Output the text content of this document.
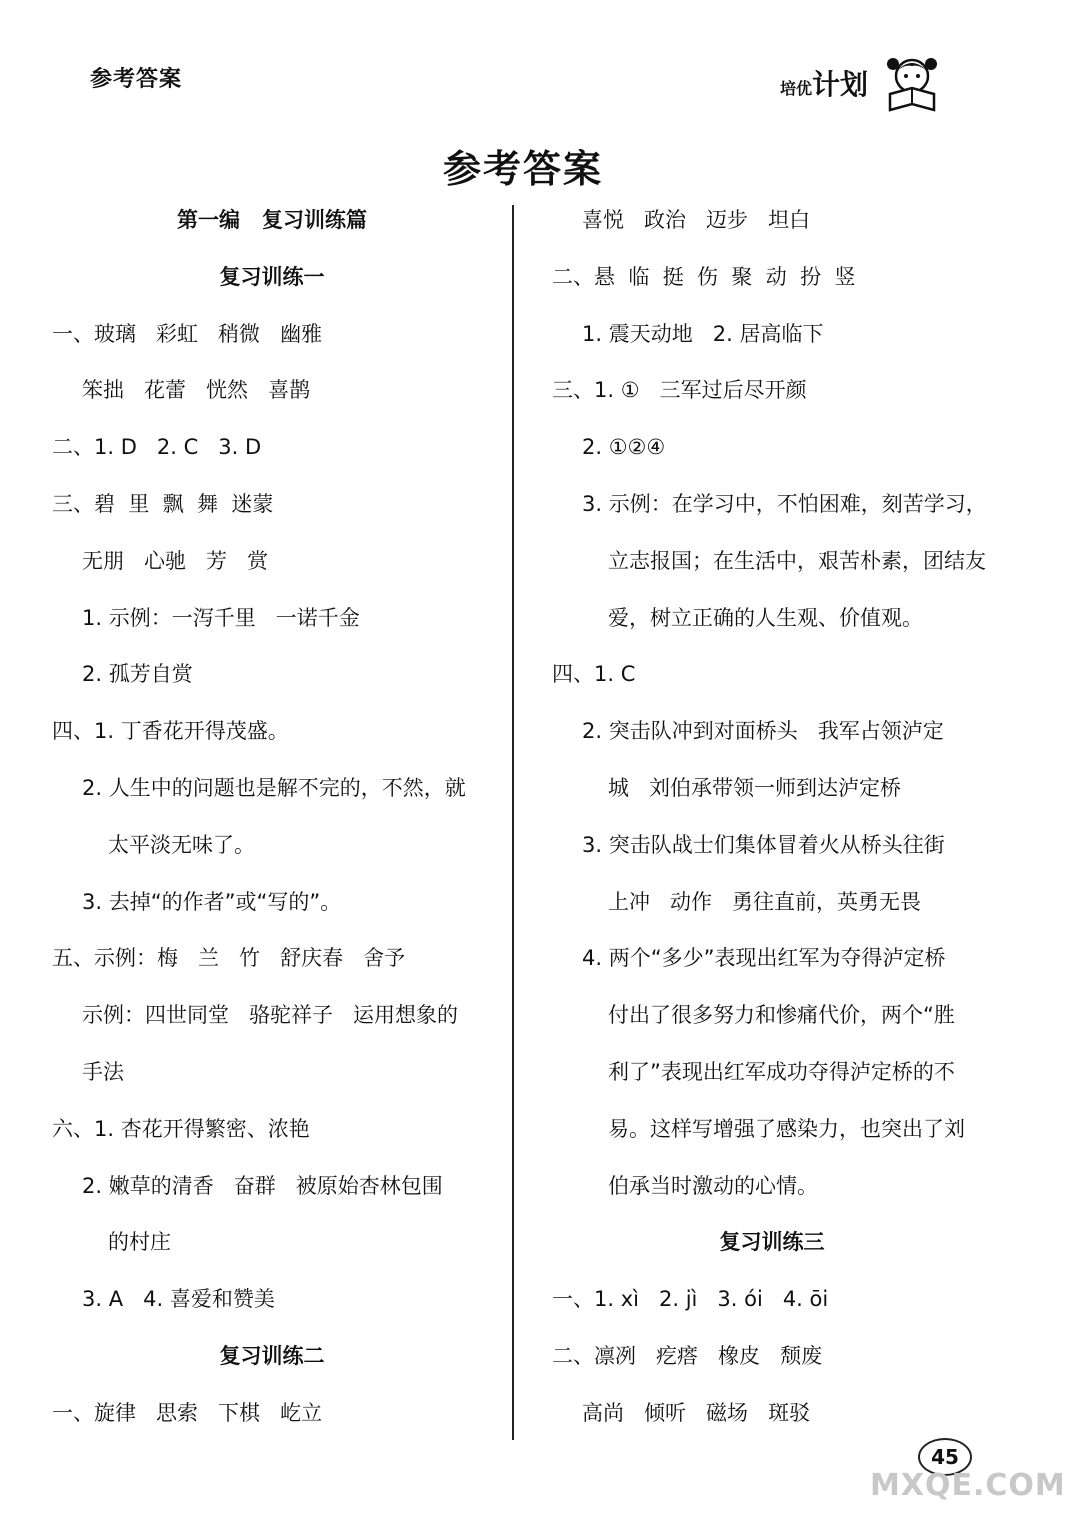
参考答案	培优计划
参考答案
第一编   复习训练篇
复习训练一
一、玻璃   彩虹   稍微   幽雅
笨拙   花蕾   恍然   喜鹊
二、1. D   2. C   3. D
三、碧  里  飘  舞  迷蒙
无朋   心驰   芳   赏
1. 示例：一泻千里   一诺千金
2. 孤芳自赏
四、1. 丁香花开得茂盛。
2. 人生中的问题也是解不完的，不然，就
太平淡无味了。
3. 去掉“的作者”或“写的”。
五、示例：梅   兰   竹   舒庆春   舍予
示例：四世同堂   骆驼祥子   运用想象的
手法
六、1. 杏花开得繁密、浓艳
2. 嫩草的清香   奋群   被原始杏林包围
的村庄
3. A   4. 喜爱和赞美
复习训练二
一、旋律   思索   下棋   屹立
喜悦   政治   迈步   坦白
二、悬  临  挺  伤  聚  动  扮  竖
1. 震天动地   2. 居高临下
三、1. ①   三军过后尽开颜
2. ①②④
3. 示例：在学习中，不怕困难，刻苦学习，
立志报国；在生活中，艰苦朴素，团结友
爱，树立正确的人生观、价值观。
四、1. C
2. 突击队冲到对面桥头   我军占领泸定
城   刘伯承带领一师到达泸定桥
3. 突击队战士们集体冒着火从桥头往街
上冲   动作   勇往直前，英勇无畏
4. 两个“多少”表现出红军为夺得泸定桥
付出了很多努力和惨痛代价，两个“胜
利了”表现出红军成功夺得泸定桥的不
易。这样写增强了感染力，也突出了刘
伯承当时激动的心情。
复习训练三
一、1. xì   2. jì   3. ói   4. ōi
二、凛冽   疙瘩   橡皮   颓废
高尚   倾听   磁场   斑驳
45
MXQE.COM
